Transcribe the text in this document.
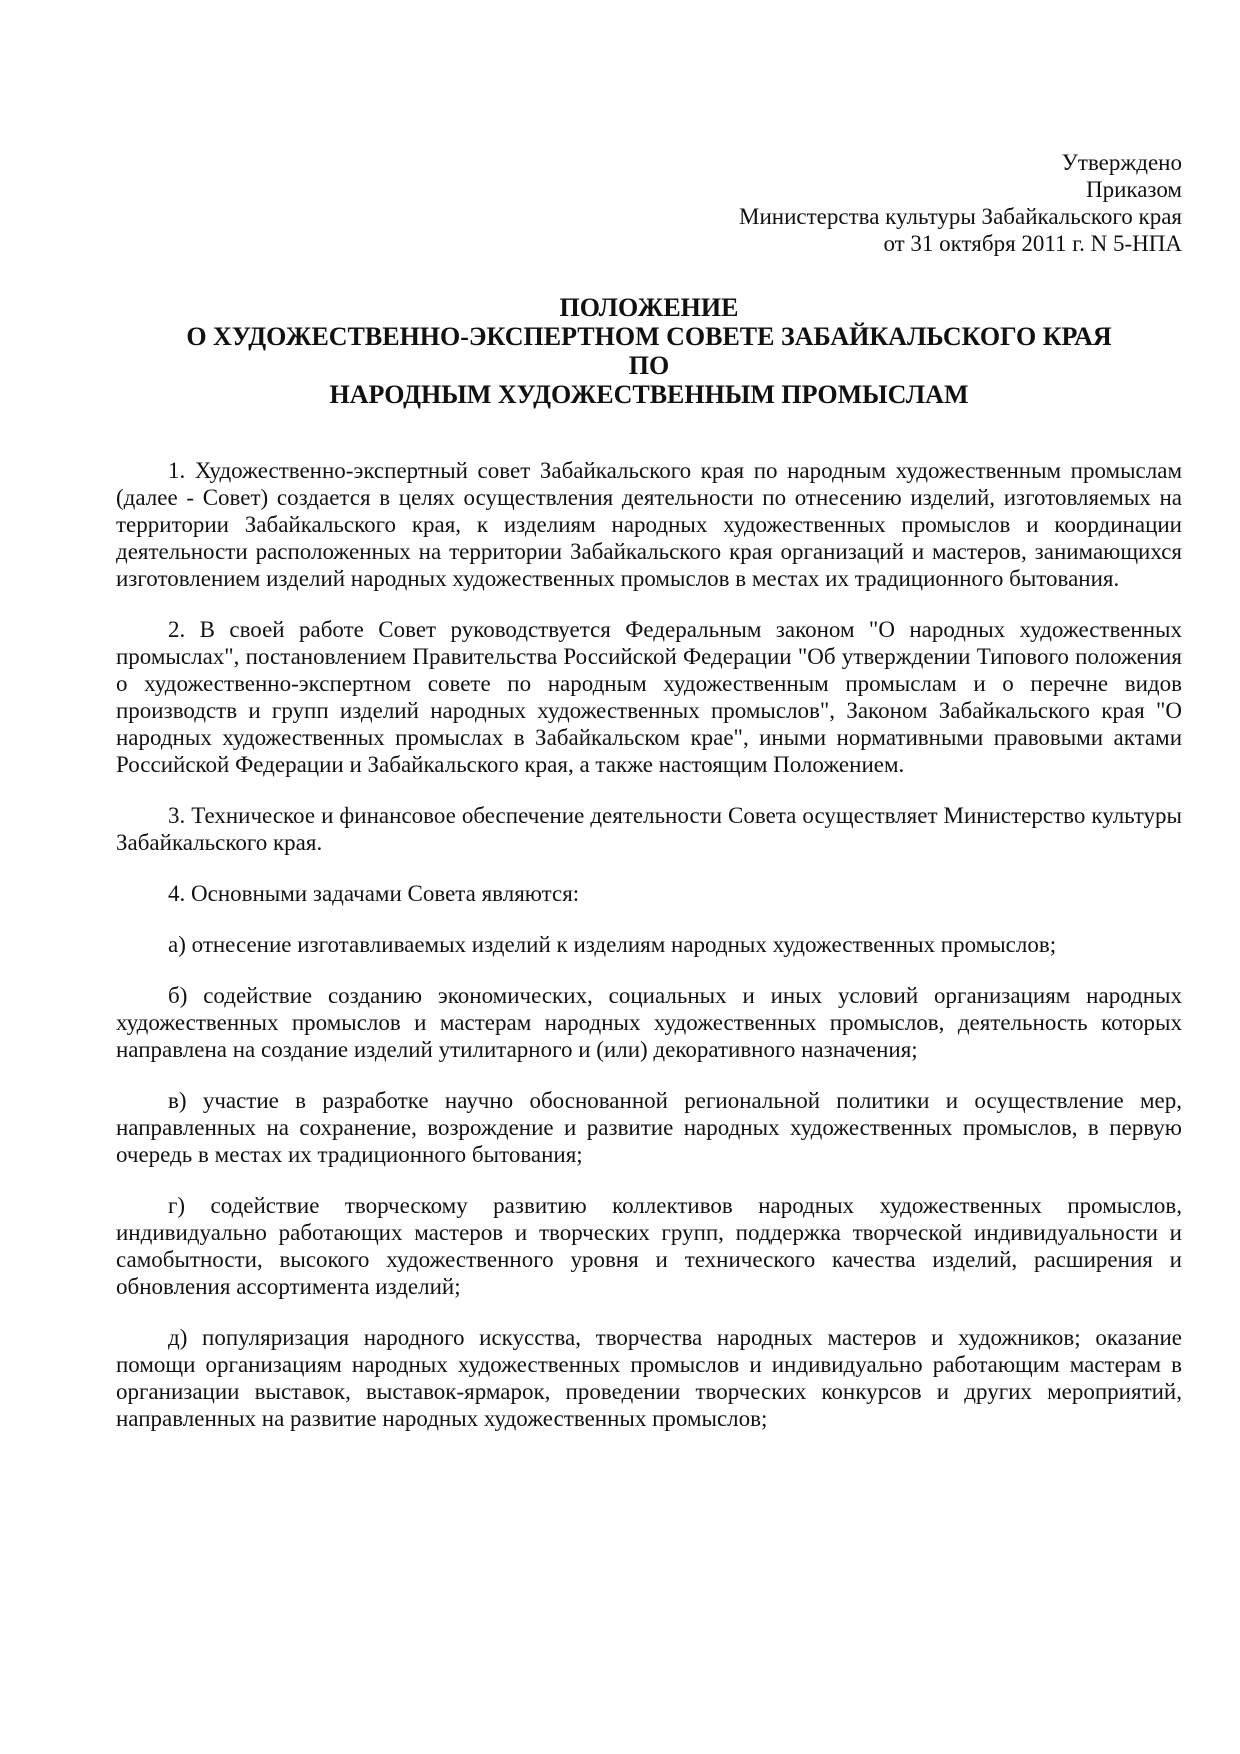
Утверждено
Приказом
Министерства культуры Забайкальского края
от 31 октября 2011 г. N 5-НПА
ПОЛОЖЕНИЕ
О ХУДОЖЕСТВЕННО-ЭКСПЕРТНОМ СОВЕТЕ ЗАБАЙКАЛЬСКОГО КРАЯ
ПО
НАРОДНЫМ ХУДОЖЕСТВЕННЫМ ПРОМЫСЛАМ

1. Художественно-экспертный совет Забайкальского края по народным художественным промыслам (далее - Совет) создается в целях осуществления деятельности по отнесению изделий, изготовляемых на территории Забайкальского края, к изделиям народных художественных промыслов и координации деятельности расположенных на территории Забайкальского края организаций и мастеров, занимающихся изготовлением изделий народных художественных промыслов в местах их традиционного бытования.

2. В своей работе Совет руководствуется Федеральным законом "О народных художественных промыслах", постановлением Правительства Российской Федерации "Об утверждении Типового положения о художественно-экспертном совете по народным художественным промыслам и о перечне видов производств и групп изделий народных художественных промыслов", Законом Забайкальского края "О народных художественных промыслах в Забайкальском крае", иными нормативными правовыми актами Российской Федерации и Забайкальского края, а также настоящим Положением.

3. Техническое и финансовое обеспечение деятельности Совета осуществляет Министерство культуры Забайкальского края.

4. Основными задачами Совета являются:

а) отнесение изготавливаемых изделий к изделиям народных художественных промыслов;

б) содействие созданию экономических, социальных и иных условий организациям народных художественных промыслов и мастерам народных художественных промыслов, деятельность которых направлена на создание изделий утилитарного и (или) декоративного назначения;

в) участие в разработке научно обоснованной региональной политики и осуществление мер, направленных на сохранение, возрождение и развитие народных художественных промыслов, в первую очередь в местах их традиционного бытования;

г) содействие творческому развитию коллективов народных художественных промыслов, индивидуально работающих мастеров и творческих групп, поддержка творческой индивидуальности и самобытности, высокого художественного уровня и технического качества изделий, расширения и обновления ассортимента изделий;

д) популяризация народного искусства, творчества народных мастеров и художников; оказание помощи организациям народных художественных промыслов и индивидуально работающим мастерам в организации выставок, выставок-ярмарок, проведении творческих конкурсов и других мероприятий, направленных на развитие народных художественных промыслов;
